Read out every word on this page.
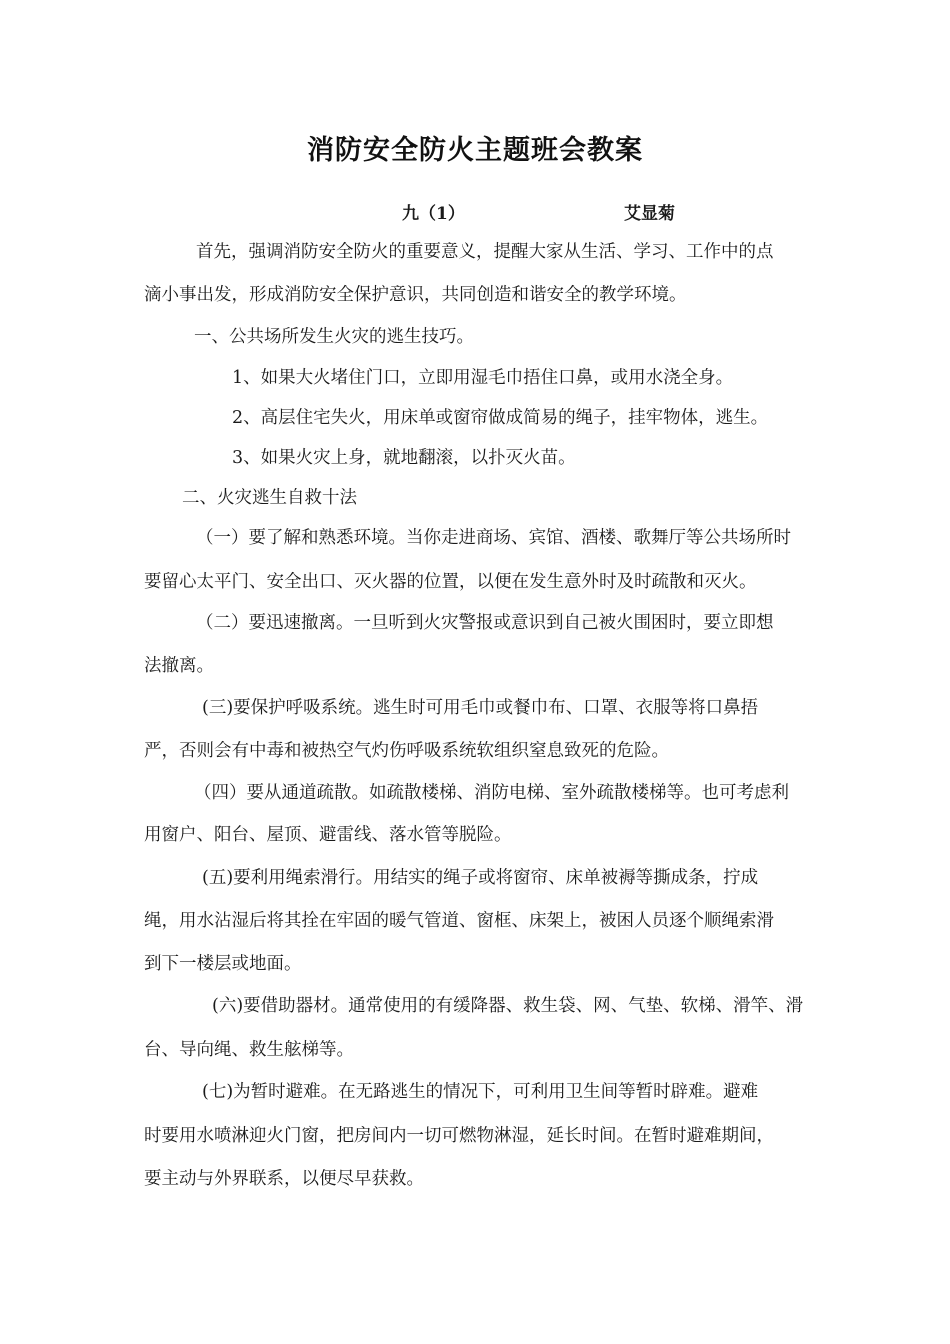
消防安全防火主题班会教案
九（1）	艾显菊
首先，强调消防安全防火的重要意义，提醒大家从生活、学习、工作中的点
滴小事出发，形成消防安全保护意识，共同创造和谐安全的教学环境。
一、公共场所发生火灾的逃生技巧。
1、如果大火堵住门口，立即用湿毛巾捂住口鼻，或用水浇全身。
2、高层住宅失火，用床单或窗帘做成简易的绳子，挂牢物体，逃生。
3、如果火灾上身，就地翻滚，以扑灭火苗。
二、火灾逃生自救十法
（一）要了解和熟悉环境。当你走进商场、宾馆、酒楼、歌舞厅等公共场所时
要留心太平门、安全出口、灭火器的位置，以便在发生意外时及时疏散和灭火。
（二）要迅速撤离。一旦听到火灾警报或意识到自己被火围困时，要立即想
法撤离。
(三)要保护呼吸系统。逃生时可用毛巾或餐巾布、口罩、衣服等将口鼻捂
严，否则会有中毒和被热空气灼伤呼吸系统软组织窒息致死的危险。
（四）要从通道疏散。如疏散楼梯、消防电梯、室外疏散楼梯等。也可考虑利
用窗户、阳台、屋顶、避雷线、落水管等脱险。
(五)要利用绳索滑行。用结实的绳子或将窗帘、床单被褥等撕成条，拧成
绳，用水沾湿后将其拴在牢固的暖气管道、窗框、床架上，被困人员逐个顺绳索滑
到下一楼层或地面。
(六)要借助器材。通常使用的有缓降器、救生袋、网、气垫、软梯、滑竿、滑
台、导向绳、救生舷梯等。
(七)为暂时避难。在无路逃生的情况下，可利用卫生间等暂时辟难。避难
时要用水喷淋迎火门窗，把房间内一切可燃物淋湿，延长时间。在暂时避难期间，
要主动与外界联系，以便尽早获救。
